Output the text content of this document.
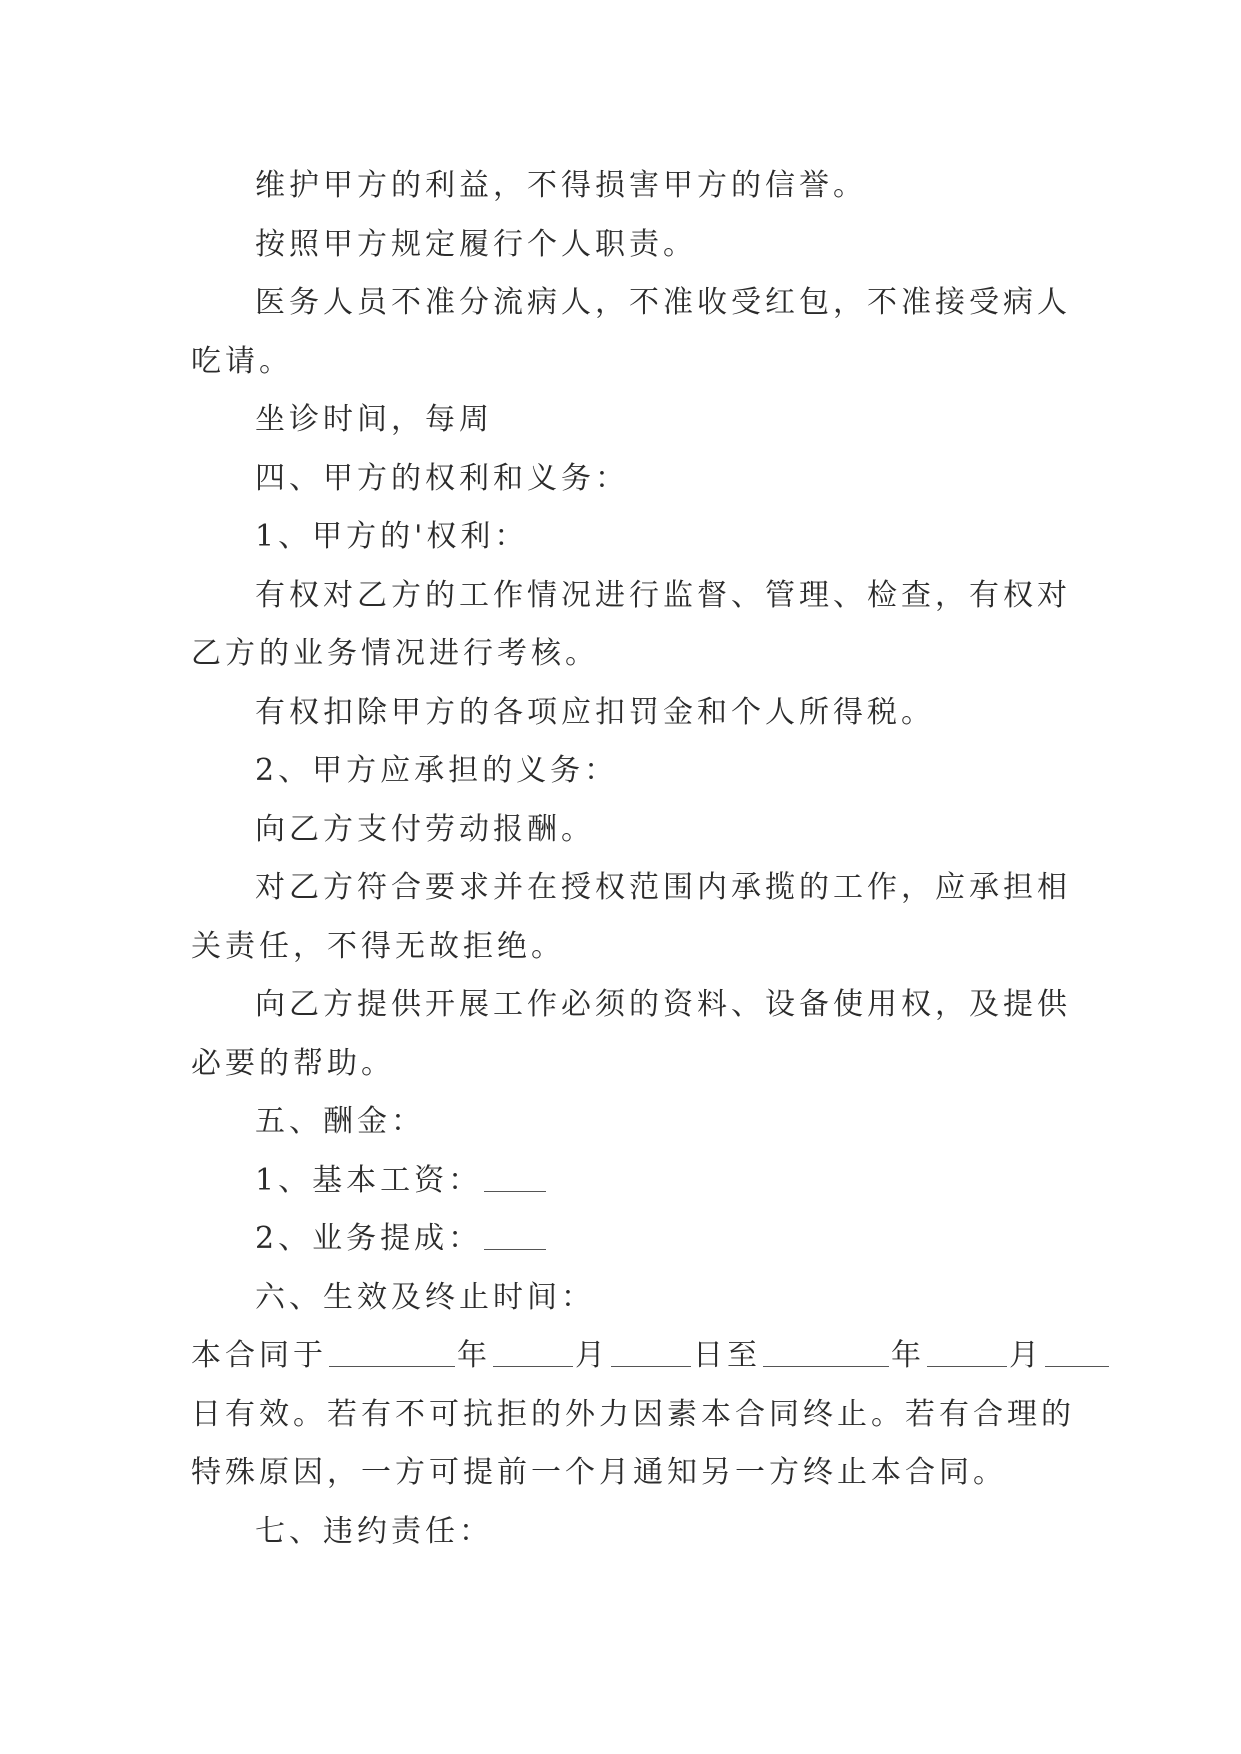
维护甲方的利益，不得损害甲方的信誉。
按照甲方规定履行个人职责。
医务人员不准分流病人，不准收受红包，不准接受病人
吃请。
坐诊时间，每周
四、甲方的权利和义务：
1、甲方的'权利：
有权对乙方的工作情况进行监督、管理、检查，有权对
乙方的业务情况进行考核。
有权扣除甲方的各项应扣罚金和个人所得税。
2、甲方应承担的义务：
向乙方支付劳动报酬。
对乙方符合要求并在授权范围内承揽的工作，应承担相
关责任，不得无故拒绝。
向乙方提供开展工作必须的资料、设备使用权，及提供
必要的帮助。
五、酬金：
1、基本工资：
2、业务提成：
六、生效及终止时间：
本合同于	年	月	日至	年	月
日有效。若有不可抗拒的外力因素本合同终止。若有合理的
特殊原因，一方可提前一个月通知另一方终止本合同。
七、违约责任：
